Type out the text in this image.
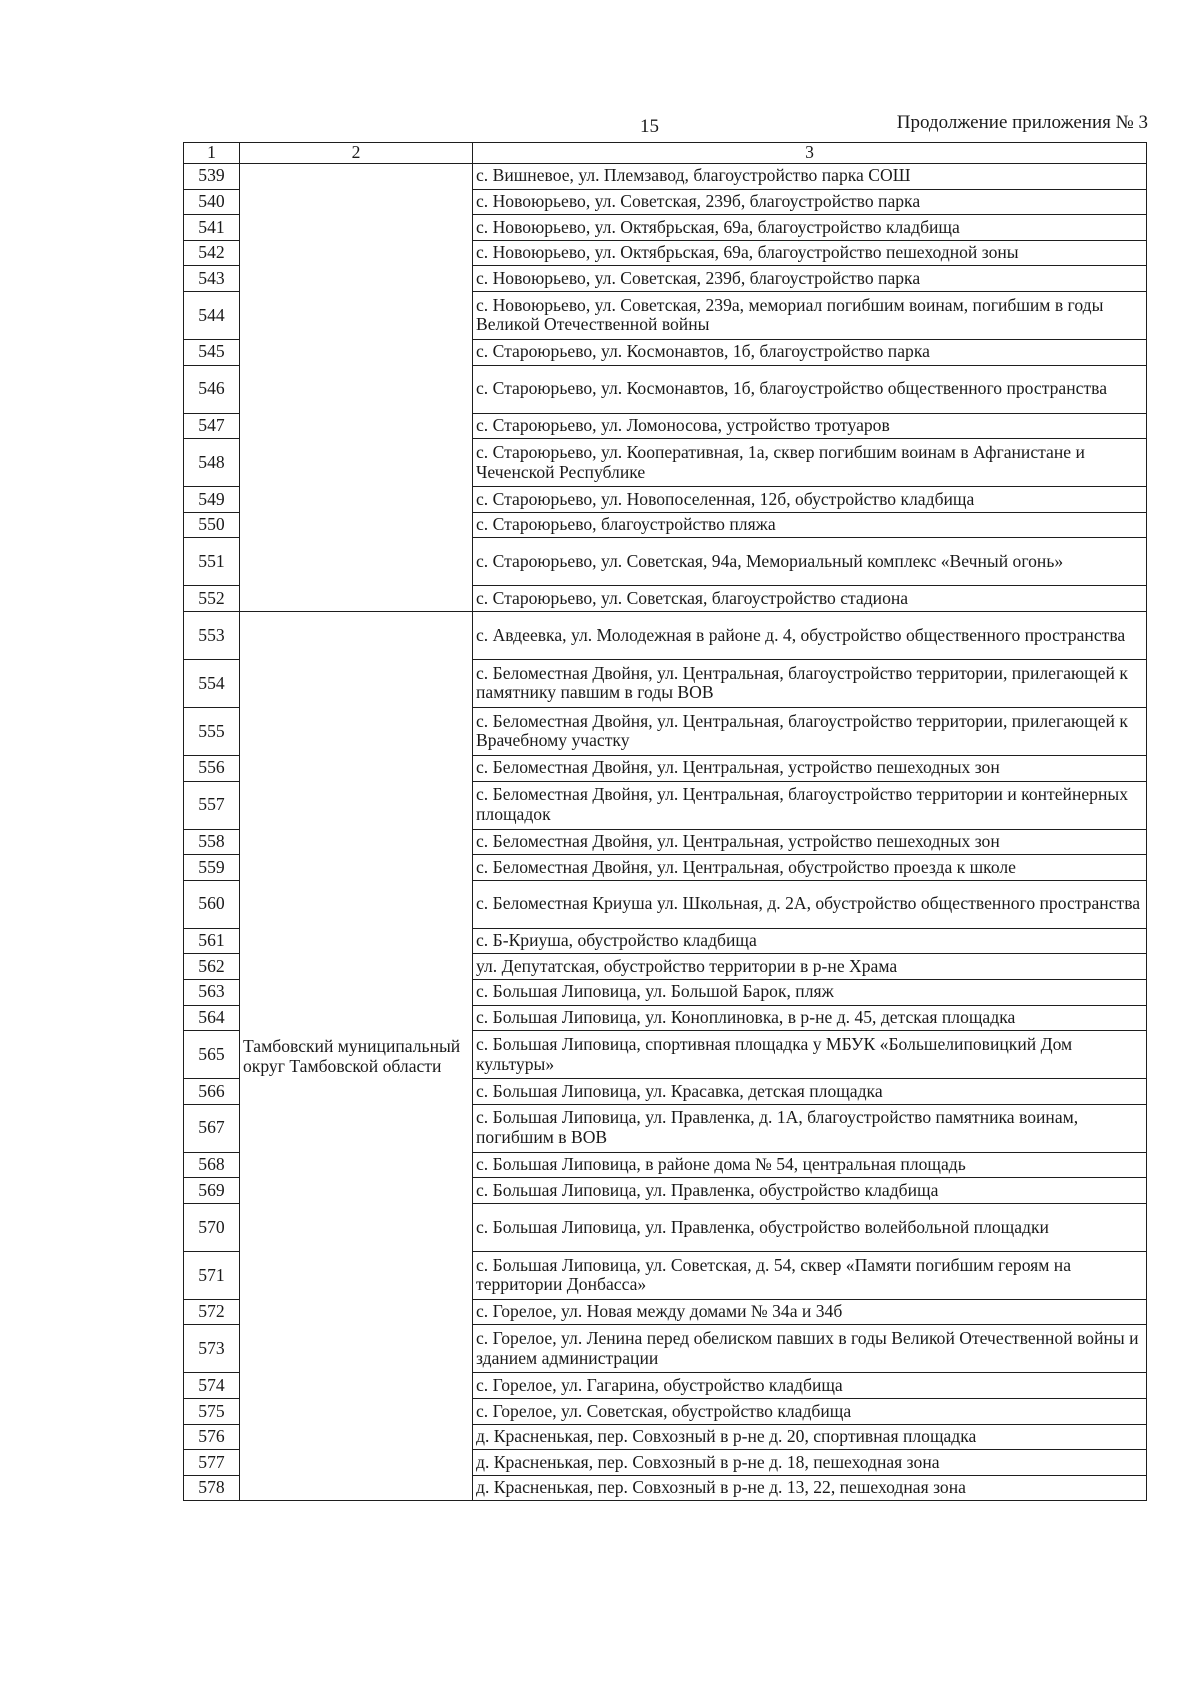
15	Продолжение приложения № 3
1	2	3
539		с. Вишневое, ул. Племзавод, благоустройство парка СОШ
540		с. Новоюрьево, ул. Советская, 239б, благоустройство парка
541		с. Новоюрьево, ул. Октябрьская, 69а, благоустройство кладбища
542		с. Новоюрьево, ул. Октябрьская, 69а, благоустройство пешеходной зоны
543		с. Новоюрьево, ул. Советская, 239б, благоустройство парка
544		с. Новоюрьево, ул. Советская, 239а, мемориал погибшим воинам, погибшим в годы Великой Отечественной войны
545		с. Староюрьево, ул. Космонавтов, 1б, благоустройство парка
546		с. Староюрьево, ул. Космонавтов, 1б, благоустройство общественного пространства
547		с. Староюрьево, ул. Ломоносова, устройство тротуаров
548		с. Староюрьево, ул. Кооперативная, 1а, сквер погибшим воинам в Афганистане и Чеченской Республике
549		с. Староюрьево, ул. Новопоселенная, 12б, обустройство кладбища
550		с. Староюрьево, благоустройство пляжа
551		с. Староюрьево, ул. Советская, 94а, Мемориальный комплекс «Вечный огонь»
552		с. Староюрьево, ул. Советская, благоустройство стадиона
553	Тамбовский муниципальный округ Тамбовской области	с. Авдеевка, ул. Молодежная в районе д. 4, обустройство общественного пространства
554		с. Беломестная Двойня, ул. Центральная, благоустройство территории, прилегающей к памятнику павшим в годы ВОВ
555		с. Беломестная Двойня, ул. Центральная, благоустройство территории, прилегающей к Врачебному участку
556		с. Беломестная Двойня, ул. Центральная, устройство пешеходных зон
557		с. Беломестная Двойня, ул. Центральная, благоустройство территории и контейнерных площадок
558		с. Беломестная Двойня, ул. Центральная, устройство пешеходных зон
559		с. Беломестная Двойня, ул. Центральная, обустройство проезда к школе
560		с. Беломестная Криуша ул. Школьная, д. 2А, обустройство общественного пространства
561		с. Б-Криуша, обустройство кладбища
562		ул. Депутатская, обустройство территории в р-не Храма
563		с. Большая Липовица, ул. Большой Барок, пляж
564		с. Большая Липовица, ул. Коноплиновка, в р-не д. 45, детская площадка
565		с. Большая Липовица, спортивная площадка у МБУК «Большелиповицкий Дом культуры»
566		с. Большая Липовица, ул. Красавка, детская площадка
567		с. Большая Липовица, ул. Правленка, д. 1А, благоустройство памятника воинам, погибшим в ВОВ
568		с. Большая Липовица, в районе дома № 54, центральная площадь
569		с. Большая Липовица, ул. Правленка, обустройство кладбища
570		с. Большая Липовица, ул. Правленка, обустройство волейбольной площадки
571		с. Большая Липовица, ул. Советская, д. 54, сквер «Памяти погибшим героям на территории Донбасса»
572		с. Горелое, ул. Новая между домами № 34а и 34б
573		с. Горелое, ул. Ленина перед обелиском павших в годы Великой Отечественной войны и зданием администрации
574		с. Горелое, ул. Гагарина, обустройство кладбища
575		с. Горелое, ул. Советская, обустройство кладбища
576		д. Красненькая, пер. Совхозный в р-не д. 20, спортивная площадка
577		д. Красненькая, пер. Совхозный в р-не д. 18, пешеходная зона
578		д. Красненькая, пер. Совхозный в р-не д. 13, 22, пешеходная зона
